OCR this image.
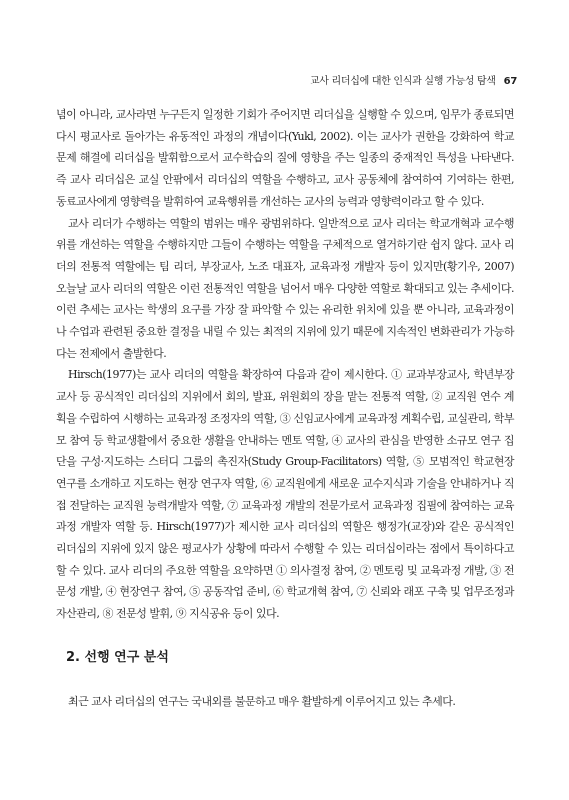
교사 리더십에 대한 인식과 실행 가능성 탐색 67

념이 아니라, 교사라면 누구든지 일정한 기회가 주어지면 리더십을 실행할 수 있으며, 임무가 종료되면 다시 평교사로 돌아가는 유동적인 과정의 개념이다(Yukl, 2002). 이는 교사가 권한을 강화하여 학교문제 해결에 리더십을 발휘함으로서 교수학습의 질에 영향을 주는 일종의 중재적인 특성을 나타낸다. 즉 교사 리더십은 교실 안팎에서 리더십의 역할을 수행하고, 교사 공동체에 참여하여 기여하는 한편, 동료교사에게 영향력을 발휘하여 교육행위를 개선하는 교사의 능력과 영향력이라고 할 수 있다.

교사 리더가 수행하는 역할의 범위는 매우 광범위하다. 일반적으로 교사 리더는 학교개혁과 교수행위를 개선하는 역할을 수행하지만 그들이 수행하는 역할을 구체적으로 열거하기란 쉽지 않다. 교사 리더의 전통적 역할에는 팀 리더, 부장교사, 노조 대표자, 교육과정 개발자 등이 있지만(황기우, 2007) 오늘날 교사 리더의 역할은 이런 전통적인 역할을 넘어서 매우 다양한 역할로 확대되고 있는 추세이다. 이런 추세는 교사는 학생의 요구를 가장 잘 파악할 수 있는 유리한 위치에 있을 뿐 아니라, 교육과정이나 수업과 관련된 중요한 결정을 내릴 수 있는 최적의 지위에 있기 때문에 지속적인 변화관리가 가능하다는 전제에서 출발한다.

Hirsch(1977)는 교사 리더의 역할을 확장하여 다음과 같이 제시한다. ① 교과부장교사, 학년부장교사 등 공식적인 리더십의 지위에서 회의, 발표, 위원회의 장을 맡는 전통적 역할, ② 교직원 연수 계획을 수립하여 시행하는 교육과정 조정자의 역할, ③ 신임교사에게 교육과정 계획수립, 교실관리, 학부모 참여 등 학교생활에서 중요한 생활을 안내하는 멘토 역할, ④ 교사의 관심을 반영한 소규모 연구 집단을 구성·지도하는 스터디 그룹의 촉진자(Study Group-Facilitators) 역할, ⑤ 모범적인 학교현장 연구를 소개하고 지도하는 현장 연구자 역할, ⑥ 교직원에게 새로운 교수지식과 기술을 안내하거나 직접 전달하는 교직원 능력개발자 역할, ⑦ 교육과정 개발의 전문가로서 교육과정 집필에 참여하는 교육과정 개발자 역할 등. Hirsch(1977)가 제시한 교사 리더십의 역할은 행정가(교장)와 같은 공식적인 리더십의 지위에 있지 않은 평교사가 상황에 따라서 수행할 수 있는 리더십이라는 점에서 특이하다고 할 수 있다. 교사 리더의 주요한 역할을 요약하면 ① 의사결정 참여, ② 멘토링 및 교육과정 개발, ③ 전문성 개발, ④ 현장연구 참여, ⑤ 공동작업 준비, ⑥ 학교개혁 참여, ⑦ 신뢰와 래포 구축 및 업무조정과 자산관리, ⑧ 전문성 발휘, ⑨ 지식공유 등이 있다.

2. 선행 연구 분석

최근 교사 리더십의 연구는 국내외를 불문하고 매우 활발하게 이루어지고 있는 추세다.
